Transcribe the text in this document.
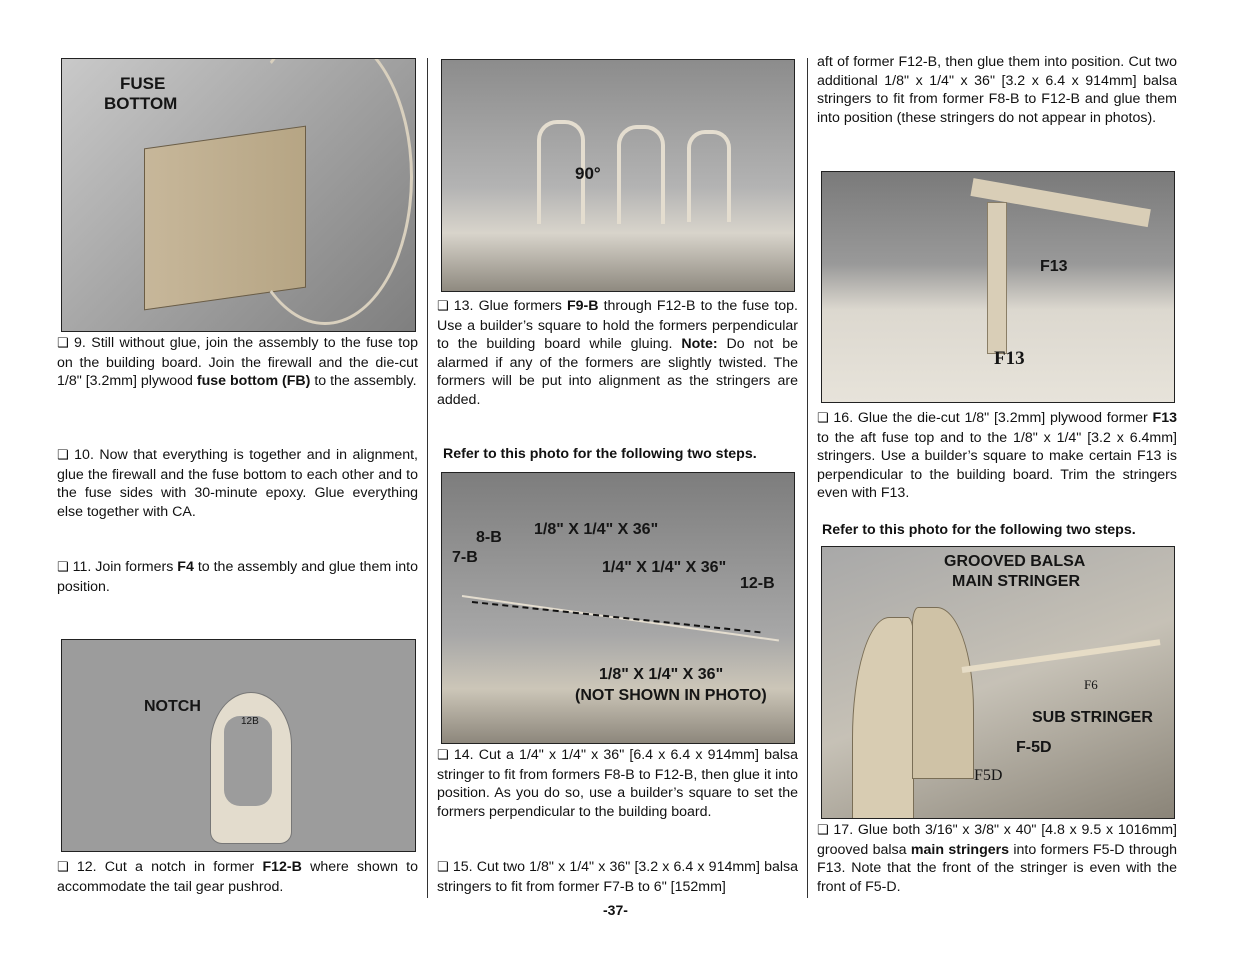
FUSE
BOTTOM

❑ 9. Still without glue, join the assembly to the fuse top on the building board. Join the firewall and the die-cut 1/8" [3.2mm] plywood fuse bottom (FB) to the assembly.

❑ 10. Now that everything is together and in alignment, glue the firewall and the fuse bottom to each other and to the fuse sides with 30-minute epoxy. Glue everything else together with CA.

❑ 11. Join formers F4 to the assembly and glue them into position.

NOTCH
12B

❑ 12. Cut a notch in former F12-B where shown to accommodate the tail gear pushrod.

90°

❑ 13. Glue formers F9-B through F12-B to the fuse top. Use a builder’s square to hold the formers perpendicular to the building board while gluing. Note: Do not be alarmed if any of the formers are slightly twisted. The formers will be put into alignment as the stringers are added.

Refer to this photo for the following two steps.
8-B
7-B
1/8" X 1/4" X 36"
1/4" X 1/4" X 36"
12-B
1/8" X 1/4" X 36"
(NOT SHOWN IN PHOTO)

❑ 14. Cut a 1/4" x 1/4" x 36" [6.4 x 6.4 x 914mm] balsa stringer to fit from formers F8-B to F12-B, then glue it into position. As you do so, use a builder’s square to set the formers perpendicular to the building board.

❑ 15. Cut two 1/8" x 1/4" x 36" [3.2 x 6.4 x 914mm] balsa stringers to fit from former F7-B to 6" [152mm]

-37-

aft of former F12-B, then glue them into position. Cut two additional 1/8" x 1/4" x 36" [3.2 x 6.4 x 914mm] balsa stringers to fit from former F8-B to F12-B and glue them into position (these stringers do not appear in photos).

F13
F13

❑ 16. Glue the die-cut 1/8" [3.2mm] plywood former F13 to the aft fuse top and to the 1/8" x 1/4" [3.2 x 6.4mm] stringers. Use a builder’s square to make certain F13 is perpendicular to the building board. Trim the stringers even with F13.

Refer to this photo for the following two steps.
GROOVED BALSA
MAIN STRINGER
SUB STRINGER
F-5D
F6
F5D

❑ 17. Glue both 3/16" x 3/8" x 40" [4.8 x 9.5 x 1016mm] grooved balsa main stringers into formers F5-D through F13. Note that the front of the stringer is even with the front of F5-D.
